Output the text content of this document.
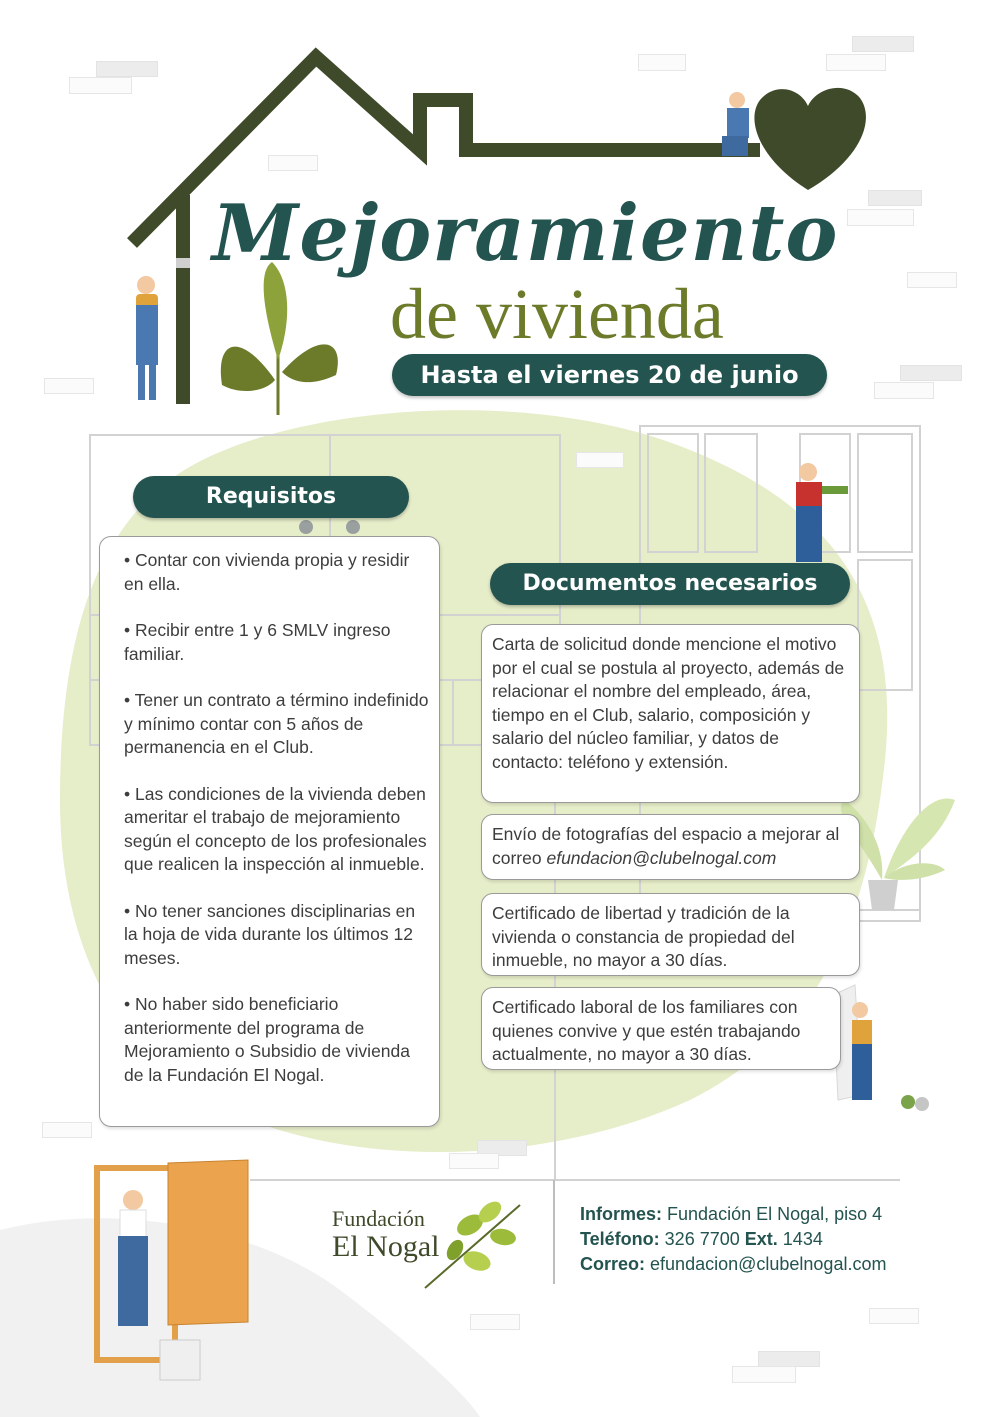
Mejoramiento
de vivienda
Hasta el viernes 20 de junio
Requisitos

• Contar con vivienda propia y residir en ella.

• Recibir entre 1 y 6 SMLV ingreso familiar.

• Tener un contrato a término indefinido y mínimo contar con 5 años de permanencia en el Club.

• Las condiciones de la vivienda deben ameritar el trabajo de mejoramiento según el concepto de los profesionales que realicen la inspección al inmueble.

• No tener sanciones disciplinarias en la hoja de vida durante los últimos 12 meses.

• No haber sido beneficiario anteriormente del programa de Mejoramiento o Subsidio de vivienda de la Fundación El Nogal.

Documentos necesarios
Carta de solicitud donde mencione el motivo por el cual se postula al proyecto, además de relacionar el nombre del empleado, área, tiempo en el Club, salario, composición y salario del núcleo familiar, y datos de contacto: teléfono y extensión.
Envío de fotografías del espacio a mejorar al correo efundacion@clubelnogal.com
Certificado de libertad y tradición de la vivienda o constancia de propiedad del inmueble, no mayor a 30 días.
Certificado laboral de los familiares con quienes convive y que estén trabajando actualmente, no mayor a 30 días.
Fundación
El Nogal
Informes: Fundación El Nogal, piso 4
Teléfono: 326 7700 Ext. 1434
Correo: efundacion@clubelnogal.com
